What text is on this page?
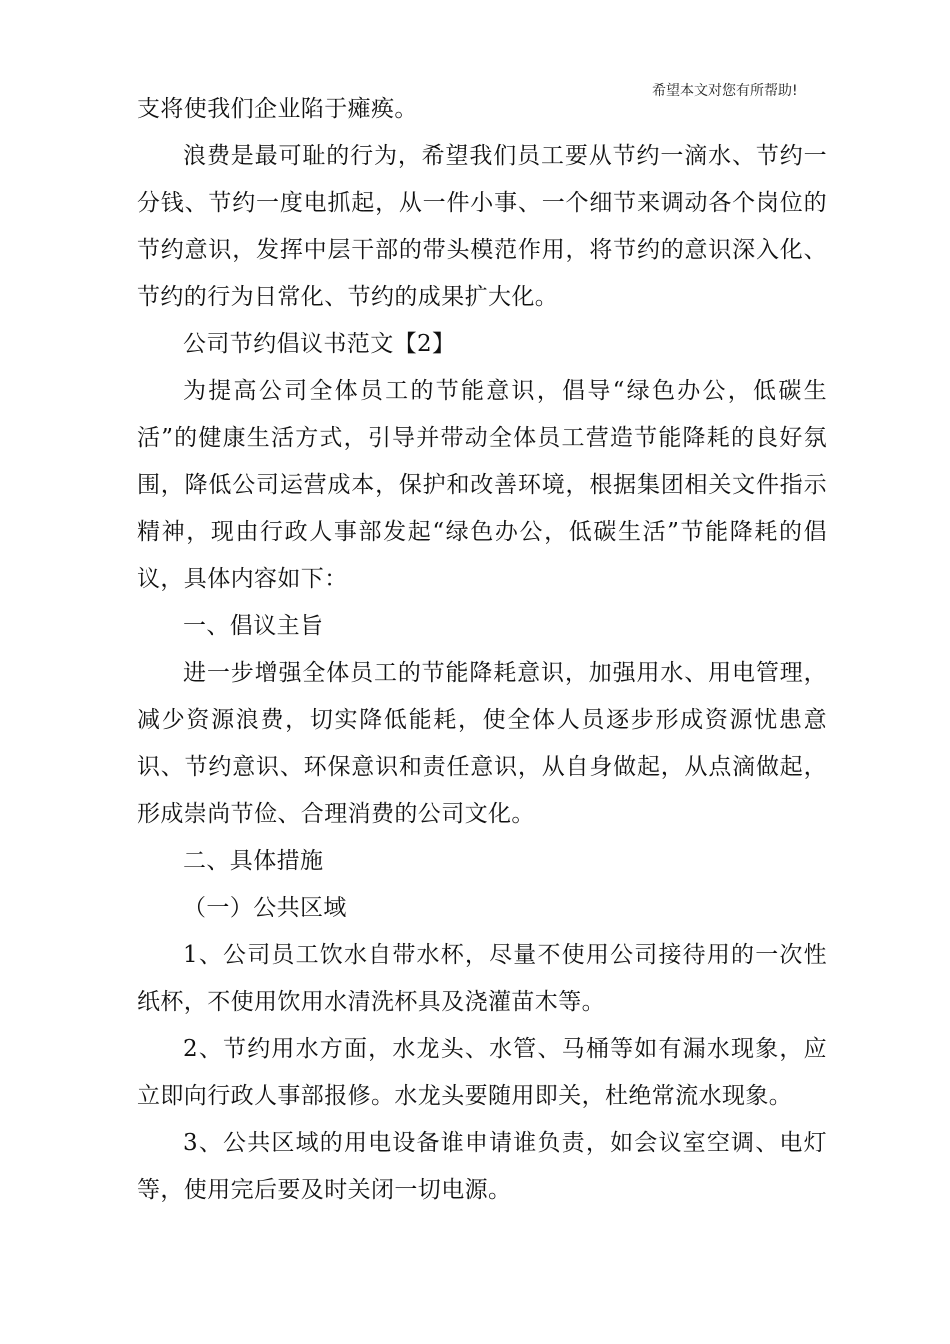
希望本文对您有所帮助!

支将使我们企业陷于瘫痪。

浪费是最可耻的行为，希望我们员工要从节约一滴水、节约一分钱、节约一度电抓起，从一件小事、一个细节来调动各个岗位的节约意识，发挥中层干部的带头模范作用，将节约的意识深入化、节约的行为日常化、节约的成果扩大化。

公司节约倡议书范文【2】

为提高公司全体员工的节能意识，倡导“绿色办公，低碳生活”的健康生活方式，引导并带动全体员工营造节能降耗的良好氛围，降低公司运营成本，保护和改善环境，根据集团相关文件指示精神，现由行政人事部发起“绿色办公，低碳生活”节能降耗的倡议，具体内容如下：

一、倡议主旨

进一步增强全体员工的节能降耗意识，加强用水、用电管理，减少资源浪费，切实降低能耗，使全体人员逐步形成资源忧患意识、节约意识、环保意识和责任意识，从自身做起，从点滴做起，形成崇尚节俭、合理消费的公司文化。

二、具体措施

（一）公共区域

1、公司员工饮水自带水杯，尽量不使用公司接待用的一次性纸杯，不使用饮用水清洗杯具及浇灌苗木等。

2、节约用水方面，水龙头、水管、马桶等如有漏水现象，应立即向行政人事部报修。水龙头要随用即关，杜绝常流水现象。

3、公共区域的用电设备谁申请谁负责，如会议室空调、电灯等，使用完后要及时关闭一切电源。
